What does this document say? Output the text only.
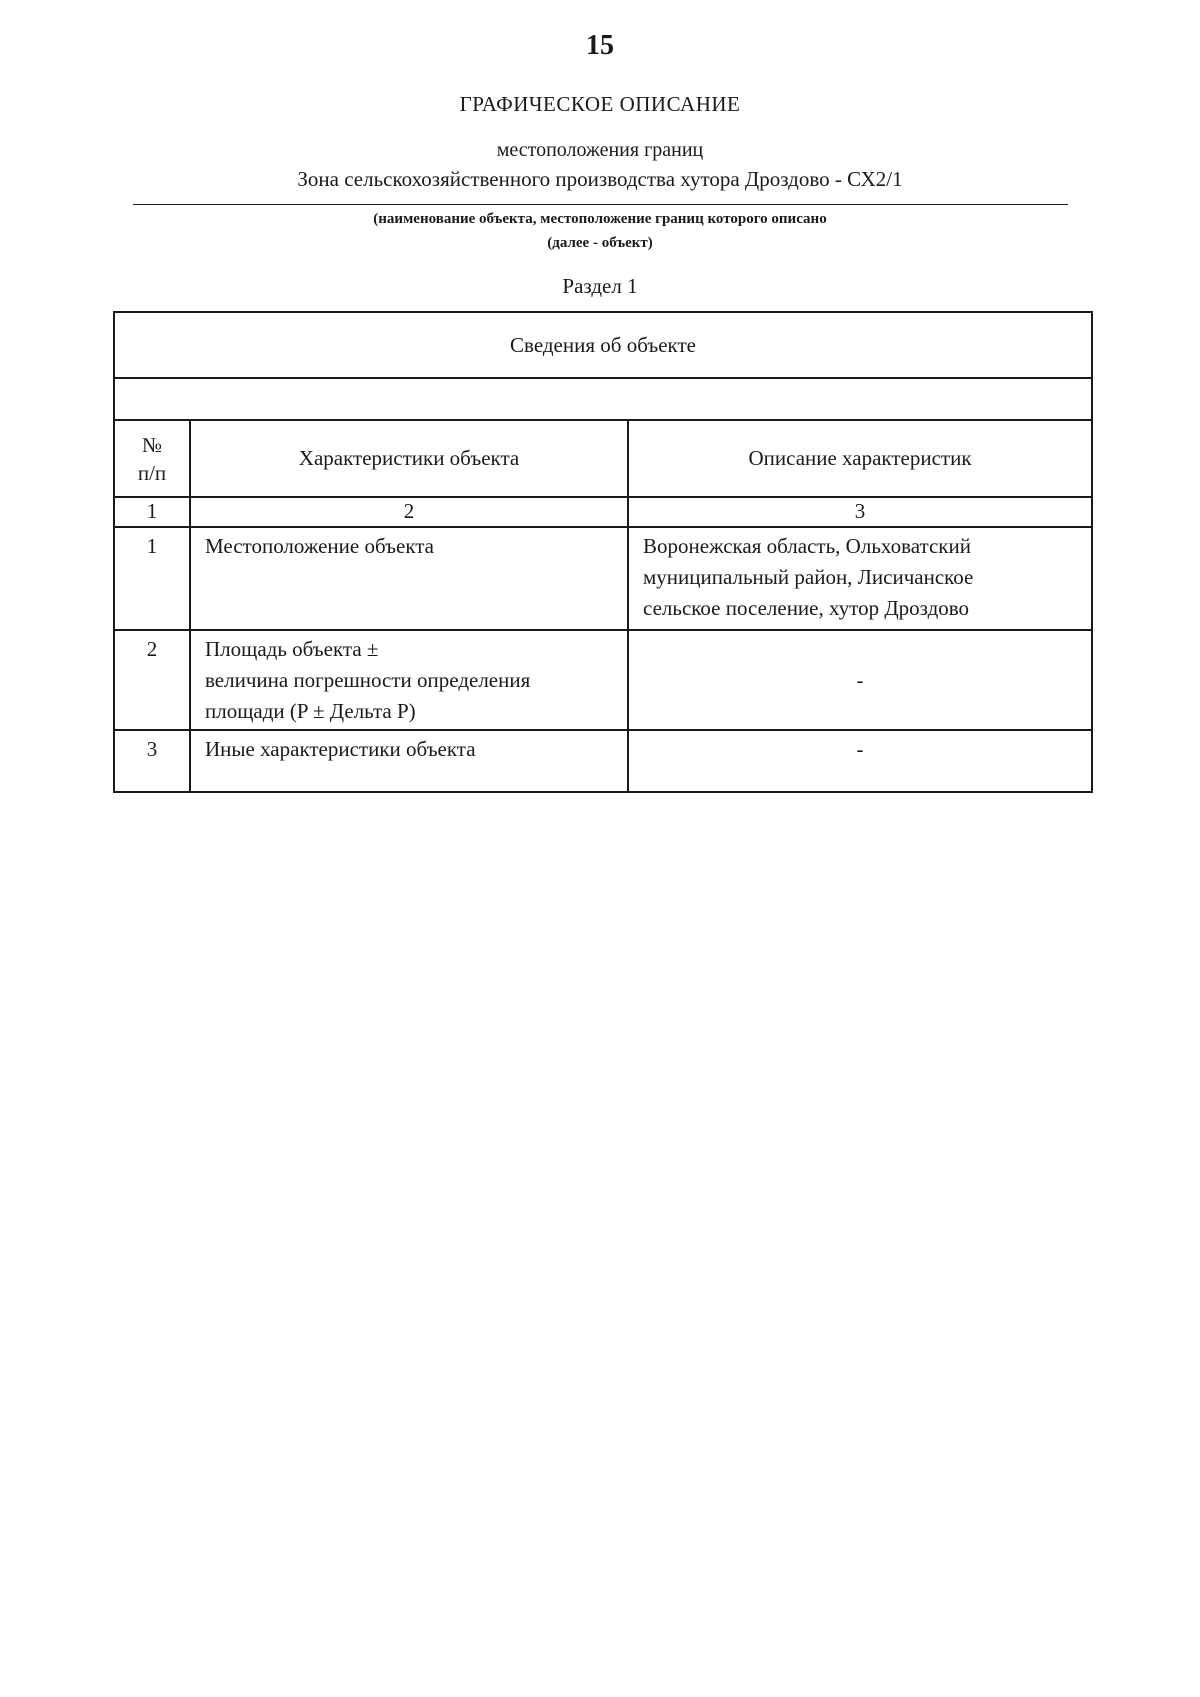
15
ГРАФИЧЕСКОЕ ОПИСАНИЕ
местоположения границ
Зона сельскохозяйственного производства хутора Дроздово - СХ2/1
(наименование объекта, местоположение границ которого описано
(далее - объект)
Раздел 1
Сведения об объекте		

№
п/п	Характеристики объекта	Описание характеристик
1	2	3
1	Местоположение объекта	Воронежская область, Ольховатский
муниципальный район, Лисичанское
сельское поселение, хутор Дроздово
2	Площадь объекта ±
величина погрешности определения
площади (P ± Дельта P)	-
3	Иные характеристики объекта	-
